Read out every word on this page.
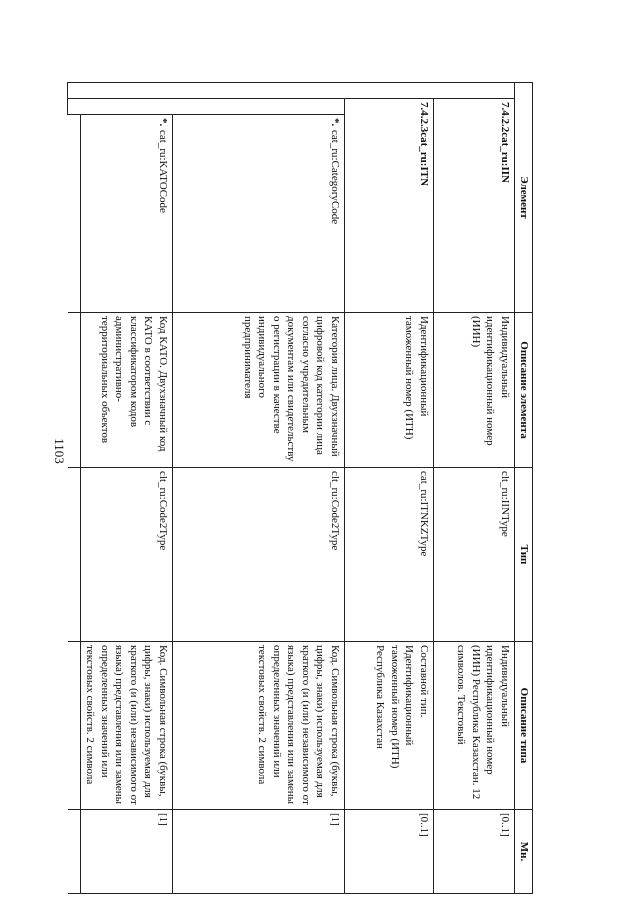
1103
Элемент			Описание элемента	Тип	Описание типа	Мн.
	7.4.2.2cat_ru:IIN		Индивидуальный идентификационный номер (ИИН)	clt_ru:IINType	Индивидуальный идентификационный номер (ИИН) Республика Казахстан. 12 символов. Текстовый	[0..1]
	7.4.2.3cat_ru:ITN		Идентификационный таможенный номер (ИТН)	cat_ru:ITNKZType	Составной тип. Идентификационный таможенный номер (ИТН) Республика Казахстан	[0..1]
		*.cat_ru:CategoryCode	Категория лица. Двухзначный цифровой код категории лица согласно учредительным документам или свидетельству о регистрации в качестве индивидуального предпринимателя	clt_ru:Code2Type	Код. Символьная строка (буквы, цифры, знаки) используемая для краткого (и (или) независимого от языка) представления или замены определенных значений или текстовых свойств. 2 символа	[1]
		*.cat_ru:KATOCode	Код КАТО. Двухзначный код КАТО в соответствии с классификатором кодов административно-территориальных объектов	clt_ru:Code2Type	Код. Символьная строка (буквы, цифры, знаки) используемая для краткого (и (или) независимого от языка) представления или замены определенных значений или текстовых свойств. 2 символа	[1]
